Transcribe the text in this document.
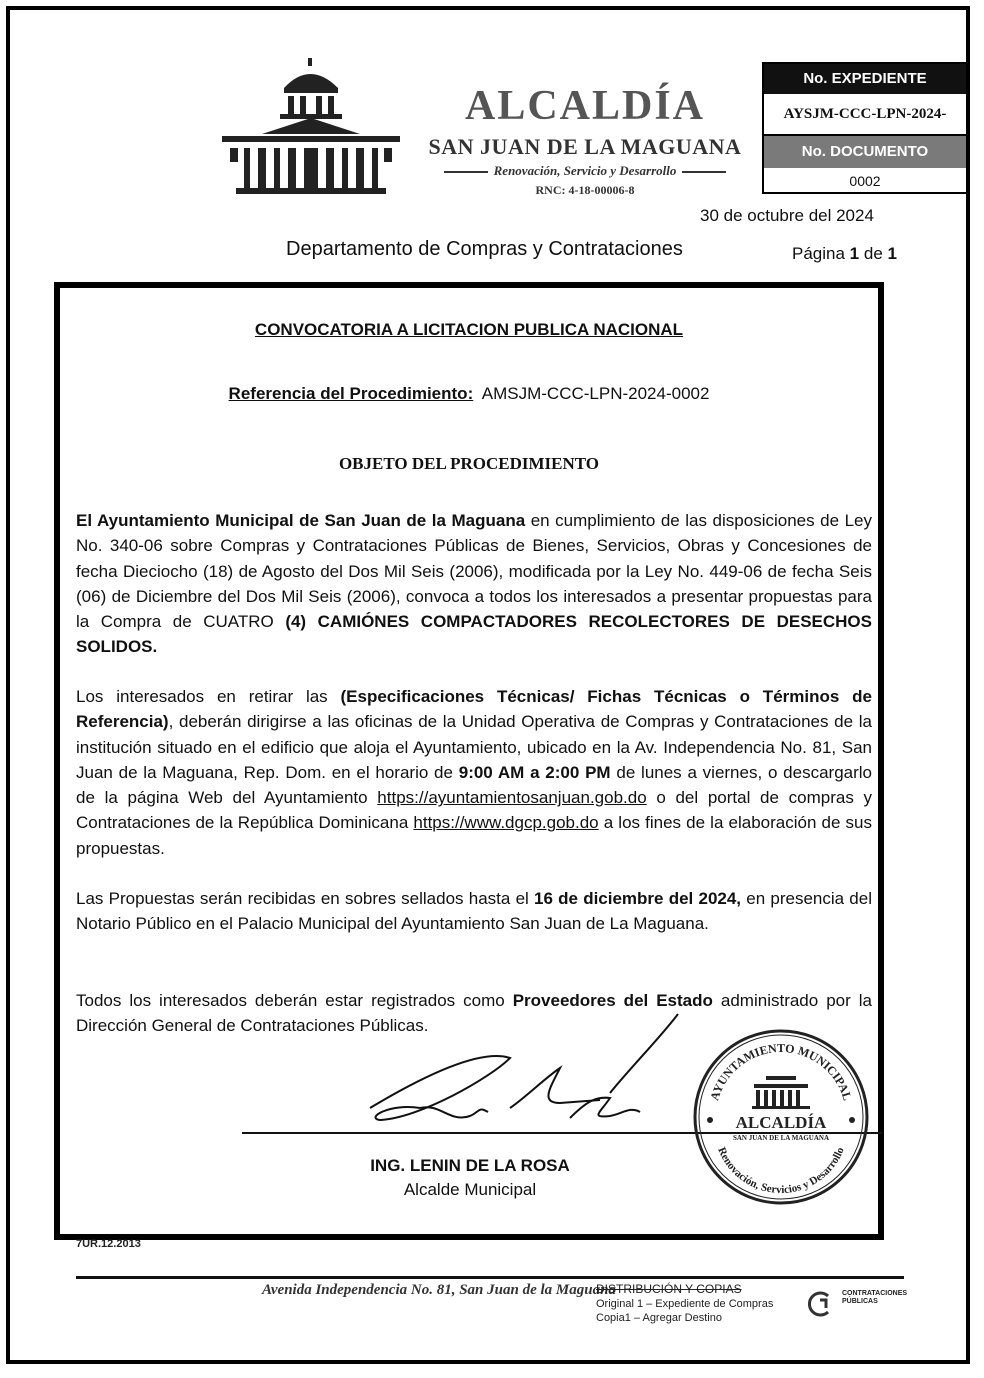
ALCALDÍA
SAN JUAN DE LA MAGUANA
Renovación, Servicio y Desarrollo
RNC: 4-18-00006-8
No. EXPEDIENTE
AYSJM-CCC-LPN-2024-
No. DOCUMENTO
0002
30 de octubre del 2024
Departamento de Compras y Contrataciones	Página 1 de 1
CONVOCATORIA A LICITACION PUBLICA NACIONAL
Referencia del Procedimiento: AMSJM-CCC-LPN-2024-0002
OBJETO DEL PROCEDIMIENTO
El Ayuntamiento Municipal de San Juan de la Maguana en cumplimiento de las disposiciones de Ley No. 340-06 sobre Compras y Contrataciones Públicas de Bienes, Servicios, Obras y Concesiones de fecha Dieciocho (18) de Agosto del Dos Mil Seis (2006), modificada por la Ley No. 449-06 de fecha Seis (06) de Diciembre del Dos Mil Seis (2006), convoca a todos los interesados a presentar propuestas para la Compra de CUATRO (4) CAMIÓNES COMPACTADORES RECOLECTORES DE DESECHOS SOLIDOS.
Los interesados en retirar las (Especificaciones Técnicas/ Fichas Técnicas o Términos de Referencia), deberán dirigirse a las oficinas de la Unidad Operativa de Compras y Contrataciones de la institución situado en el edificio que aloja el Ayuntamiento, ubicado en la Av. Independencia No. 81, San Juan de la Maguana, Rep. Dom. en el horario de 9:00 AM a 2:00 PM de lunes a viernes, o descargarlo de la página Web del Ayuntamiento https://ayuntamientosanjuan.gob.do o del portal de compras y Contrataciones de la República Dominicana https://www.dgcp.gob.do a los fines de la elaboración de sus propuestas.
Las Propuestas serán recibidas en sobres sellados hasta el 16 de diciembre del 2024, en presencia del Notario Público en el Palacio Municipal del Ayuntamiento San Juan de La Maguana.
Todos los interesados deberán estar registrados como Proveedores del Estado administrado por la Dirección General de Contrataciones Públicas.
ING. LENIN DE LA ROSA
Alcalde Municipal
AYUNTAMIENTO MUNICIPAL
ALCALDÍA
SAN JUAN DE LA MAGUANA
Renovación, Servicios y Desarrollo
7UR.12.2013
Avenida Independencia No. 81, San Juan de la Maguana
DISTRIBUCIÓN Y COPIAS
Original 1 – Expediente de Compras
Copia1 – Agregar Destino
CONTRATACIONES PÚBLICAS
